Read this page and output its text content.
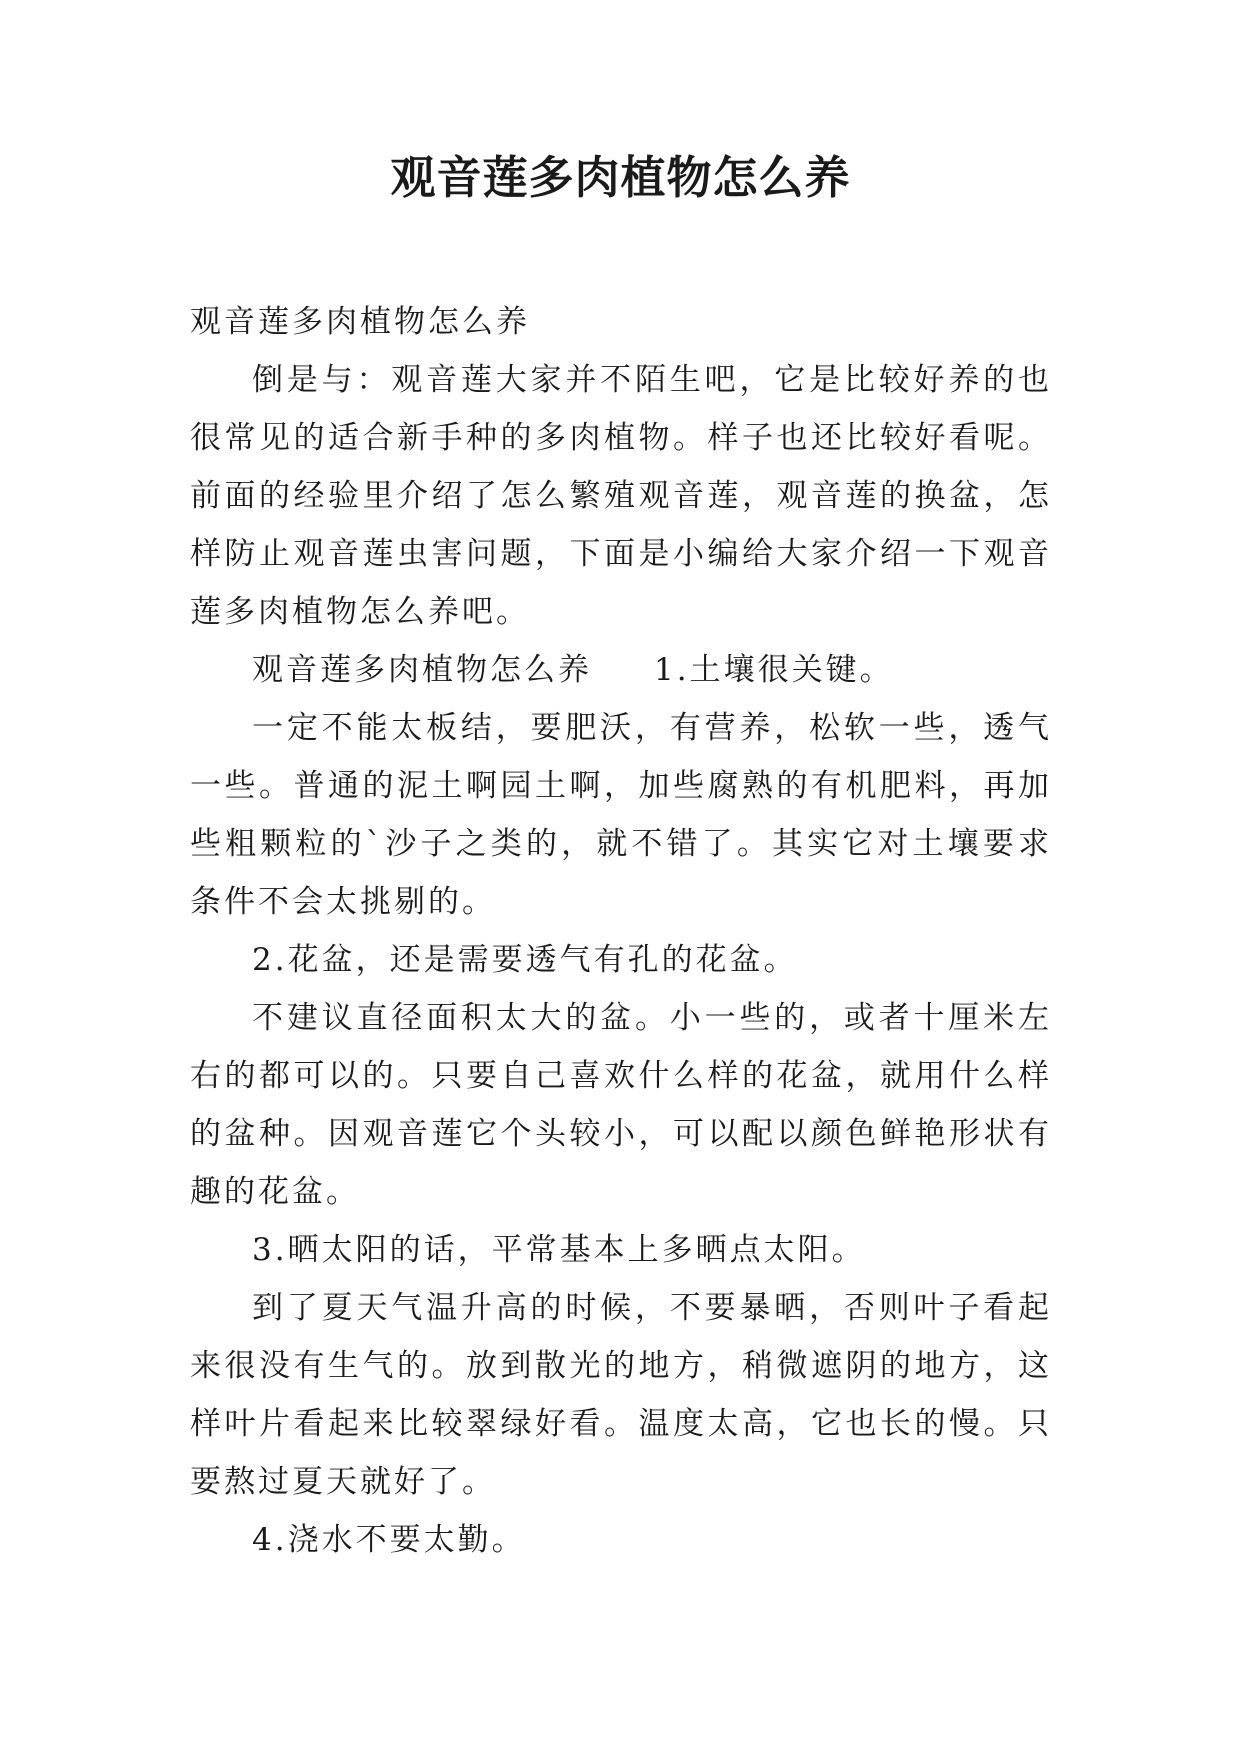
观音莲多肉植物怎么养

观音莲多肉植物怎么养

倒是与：观音莲大家并不陌生吧，它是比较好养的也很常见的适合新手种的多肉植物。样子也还比较好看呢。前面的经验里介绍了怎么繁殖观音莲，观音莲的换盆，怎样防止观音莲虫害问题，下面是小编给大家介绍一下观音莲多肉植物怎么养吧。

观音莲多肉植物怎么养 1.土壤很关键。

一定不能太板结，要肥沃，有营养，松软一些，透气一些。普通的泥土啊园土啊，加些腐熟的有机肥料，再加些粗颗粒的`沙子之类的，就不错了。其实它对土壤要求条件不会太挑剔的。

2.花盆，还是需要透气有孔的花盆。

不建议直径面积太大的盆。小一些的，或者十厘米左右的都可以的。只要自己喜欢什么样的花盆，就用什么样的盆种。因观音莲它个头较小，可以配以颜色鲜艳形状有趣的花盆。

3.晒太阳的话，平常基本上多晒点太阳。

到了夏天气温升高的时候，不要暴晒，否则叶子看起来很没有生气的。放到散光的地方，稍微遮阴的地方，这样叶片看起来比较翠绿好看。温度太高，它也长的慢。只要熬过夏天就好了。

4.浇水不要太勤。
